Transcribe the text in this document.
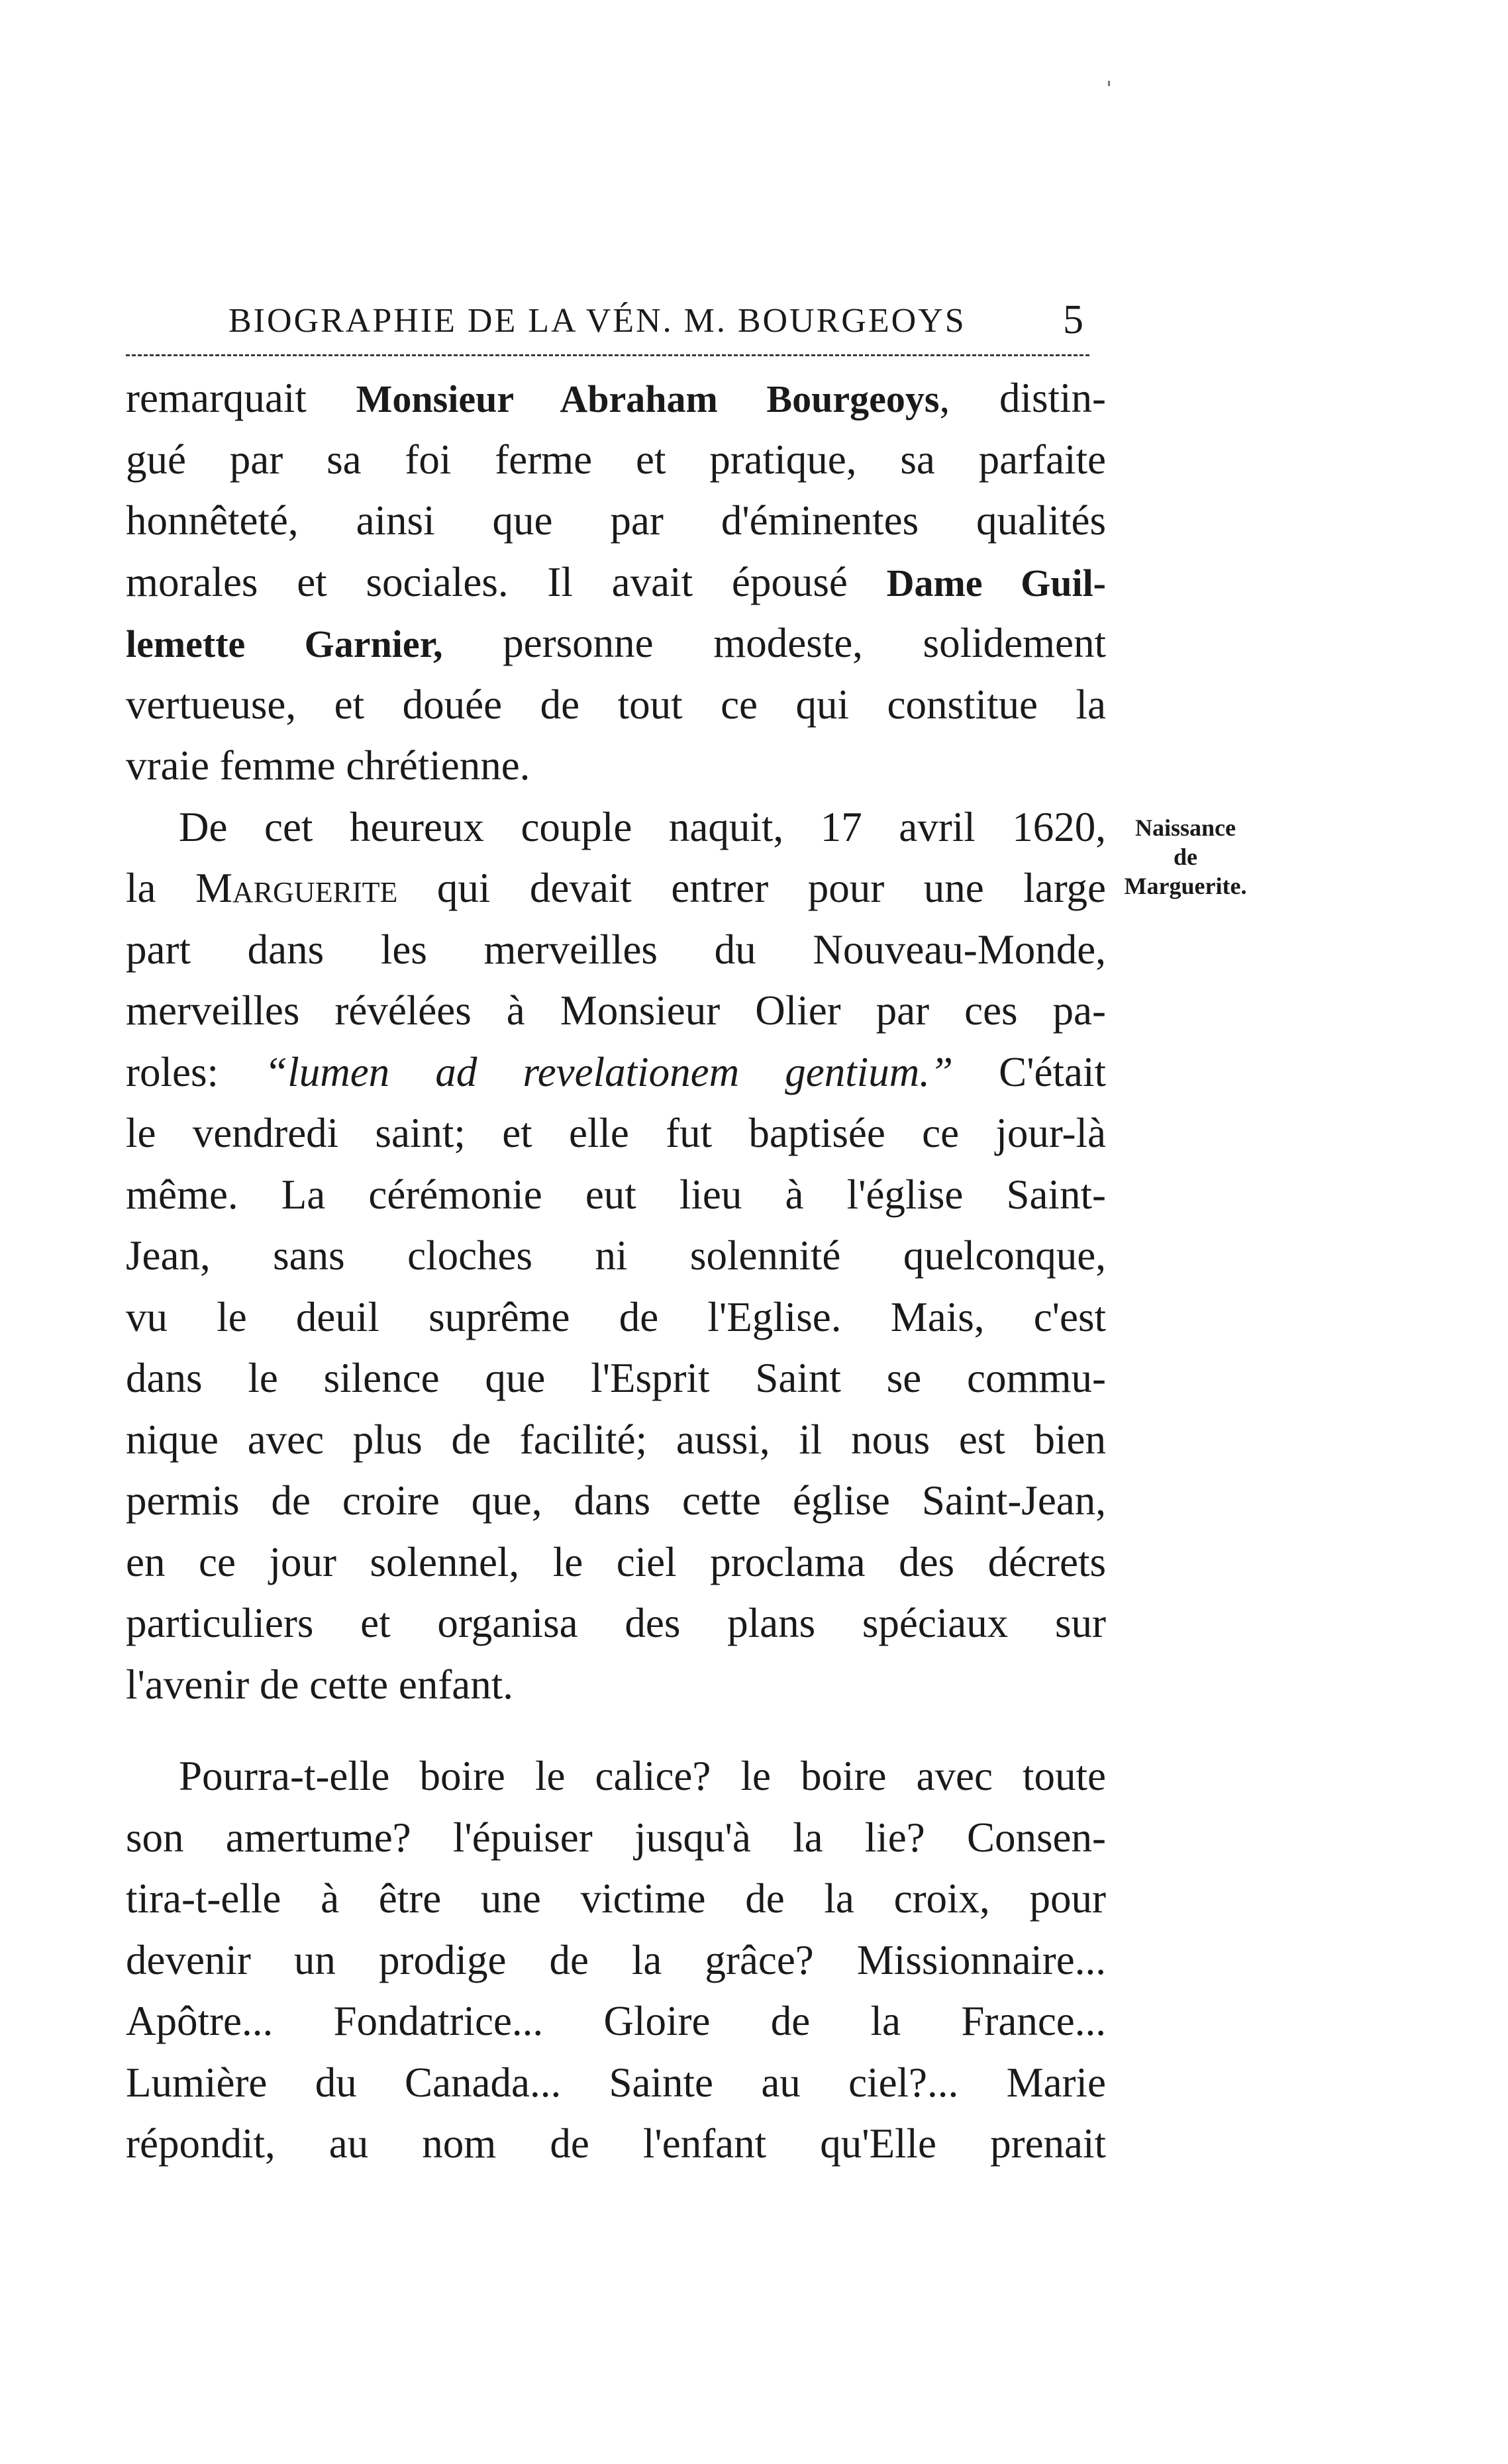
BIOGRAPHIE DE LA VÉN. M. BOURGEOYS	5
Naissance
de
Marguerite.
remarquait Monsieur Abraham Bourgeoys, distin-
gué par sa foi ferme et pratique, sa parfaite
honnêteté, ainsi que par d'éminentes qualités
morales et sociales. Il avait épousé Dame Guil-
lemette Garnier, personne modeste, solidement
vertueuse, et douée de tout ce qui constitue la
vraie femme chrétienne.
De cet heureux couple naquit, 17 avril 1620,
la Marguerite qui devait entrer pour une large
part dans les merveilles du Nouveau-Monde,
merveilles révélées à Monsieur Olier par ces pa-
roles: “lumen ad revelationem gentium.” C'était
le vendredi saint; et elle fut baptisée ce jour-là
même. La cérémonie eut lieu à l'église Saint-
Jean, sans cloches ni solennité quelconque,
vu le deuil suprême de l'Eglise. Mais, c'est
dans le silence que l'Esprit Saint se commu-
nique avec plus de facilité; aussi, il nous est bien
permis de croire que, dans cette église Saint-Jean,
en ce jour solennel, le ciel proclama des décrets
particuliers et organisa des plans spéciaux sur
l'avenir de cette enfant.
Pourra-t-elle boire le calice? le boire avec toute
son amertume? l'épuiser jusqu'à la lie? Consen-
tira-t-elle à être une victime de la croix, pour
devenir un prodige de la grâce? Missionnaire...
Apôtre... Fondatrice... Gloire de la France...
Lumière du Canada... Sainte au ciel?... Marie
répondit, au nom de l'enfant qu'Elle prenait
